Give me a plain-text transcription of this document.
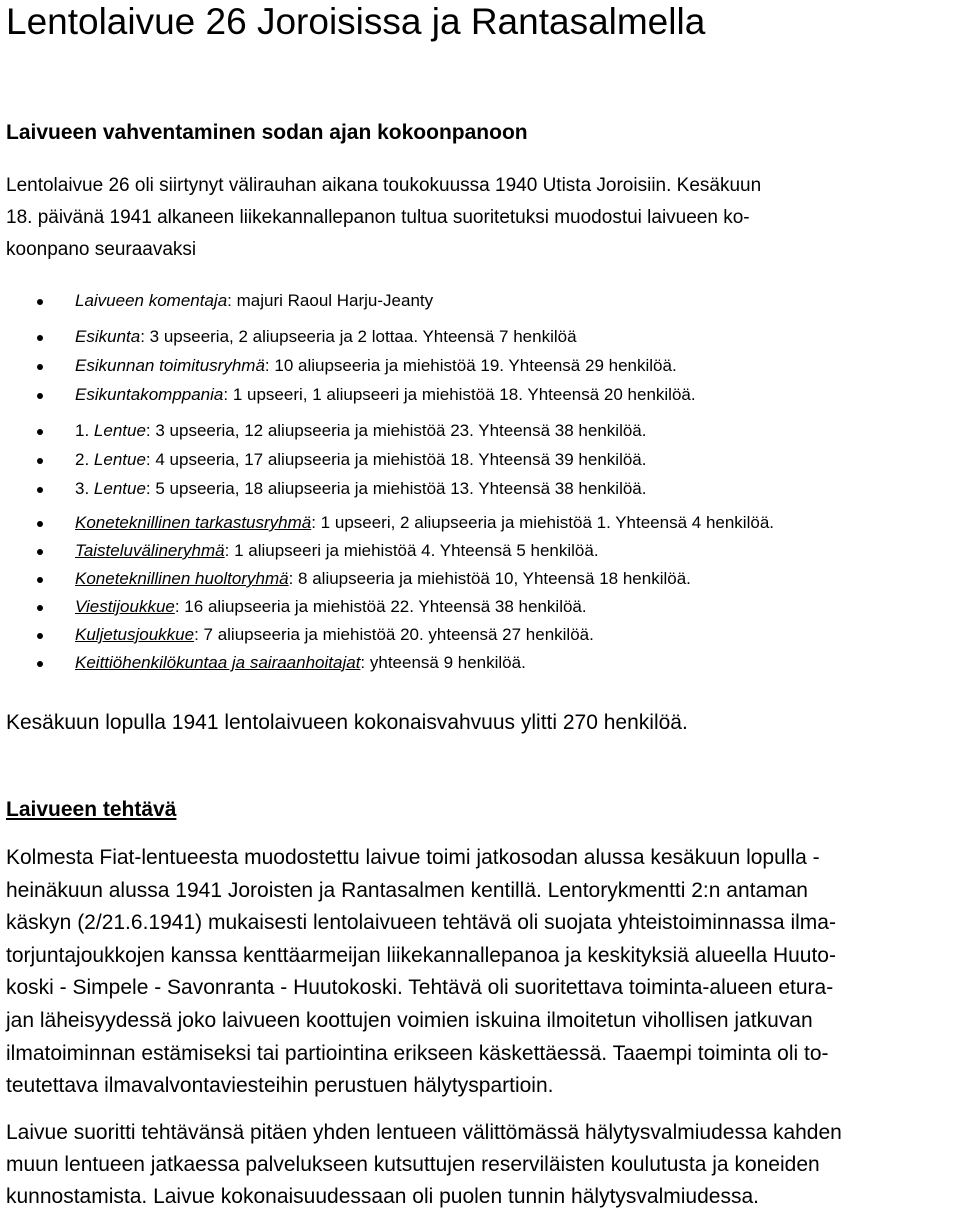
Lentolaivue 26 Joroisissa ja Rantasalmella
Laivueen vahventaminen sodan ajan kokoonpanoon
Lentolaivue 26 oli siirtynyt välirauhan aikana toukokuussa 1940 Utista Joroisiin. Kesäkuun
18. päivänä 1941 alkaneen liikekannallepanon tultua suoritetuksi muodostui laivueen ko-
koonpano seuraavaksi
Laivueen komentaja: majuri Raoul Harju-Jeanty
Esikunta: 3 upseeria, 2 aliupseeria ja 2 lottaa. Yhteensä 7 henkilöä
Esikunnan toimitusryhmä: 10 aliupseeria ja miehistöä 19. Yhteensä 29 henkilöä.
Esikuntakomppania: 1 upseeri, 1 aliupseeri ja miehistöä 18. Yhteensä 20 henkilöä.
1. Lentue: 3 upseeria, 12 aliupseeria ja miehistöä 23. Yhteensä 38 henkilöä.
2. Lentue: 4 upseeria, 17 aliupseeria ja miehistöä 18. Yhteensä 39 henkilöä.
3. Lentue: 5 upseeria, 18 aliupseeria ja miehistöä 13. Yhteensä 38 henkilöä.
Koneteknillinen tarkastusryhmä: 1 upseeri, 2 aliupseeria ja miehistöä 1. Yhteensä 4 henkilöä.
Taisteluvälineryhmä: 1 aliupseeri ja miehistöä 4. Yhteensä 5 henkilöä.
Koneteknillinen huoltoryhmä: 8 aliupseeria ja miehistöä 10, Yhteensä 18 henkilöä.
Viestijoukkue: 16 aliupseeria ja miehistöä 22. Yhteensä 38 henkilöä.
Kuljetusjoukkue: 7 aliupseeria ja miehistöä 20. yhteensä 27 henkilöä.
Keittiöhenkilökuntaa ja sairaanhoitajat: yhteensä 9 henkilöä.

Kesäkuun lopulla 1941 lentolaivueen kokonaisvahvuus ylitti 270 henkilöä.

Laivueen tehtävä
Kolmesta Fiat-lentueesta muodostettu laivue toimi jatkosodan alussa kesäkuun lopulla -
heinäkuun alussa 1941 Joroisten ja Rantasalmen kentillä. Lentorykmentti 2:n antaman
käskyn (2/21.6.1941) mukaisesti lentolaivueen tehtävä oli suojata yhteistoiminnassa ilma-
torjuntajoukkojen kanssa kenttäarmeijan liikekannallepanoa ja keskityksiä alueella Huuto-
koski - Simpele - Savonranta - Huutokoski. Tehtävä oli suoritettava toiminta-alueen etura-
jan läheisyydessä joko laivueen koottujen voimien iskuina ilmoitetun vihollisen jatkuvan
ilmatoiminnan estämiseksi tai partiointina erikseen käskettäessä. Taaempi toiminta oli to-
teutettava ilmavalvontaviesteihin perustuen hälytyspartioin.
Laivue suoritti tehtävänsä pitäen yhden lentueen välittömässä hälytysvalmiudessa kahden
muun lentueen jatkaessa palvelukseen kutsuttujen reserviläisten koulutusta ja koneiden
kunnostamista. Laivue kokonaisuudessaan oli puolen tunnin hälytysvalmiudessa.
